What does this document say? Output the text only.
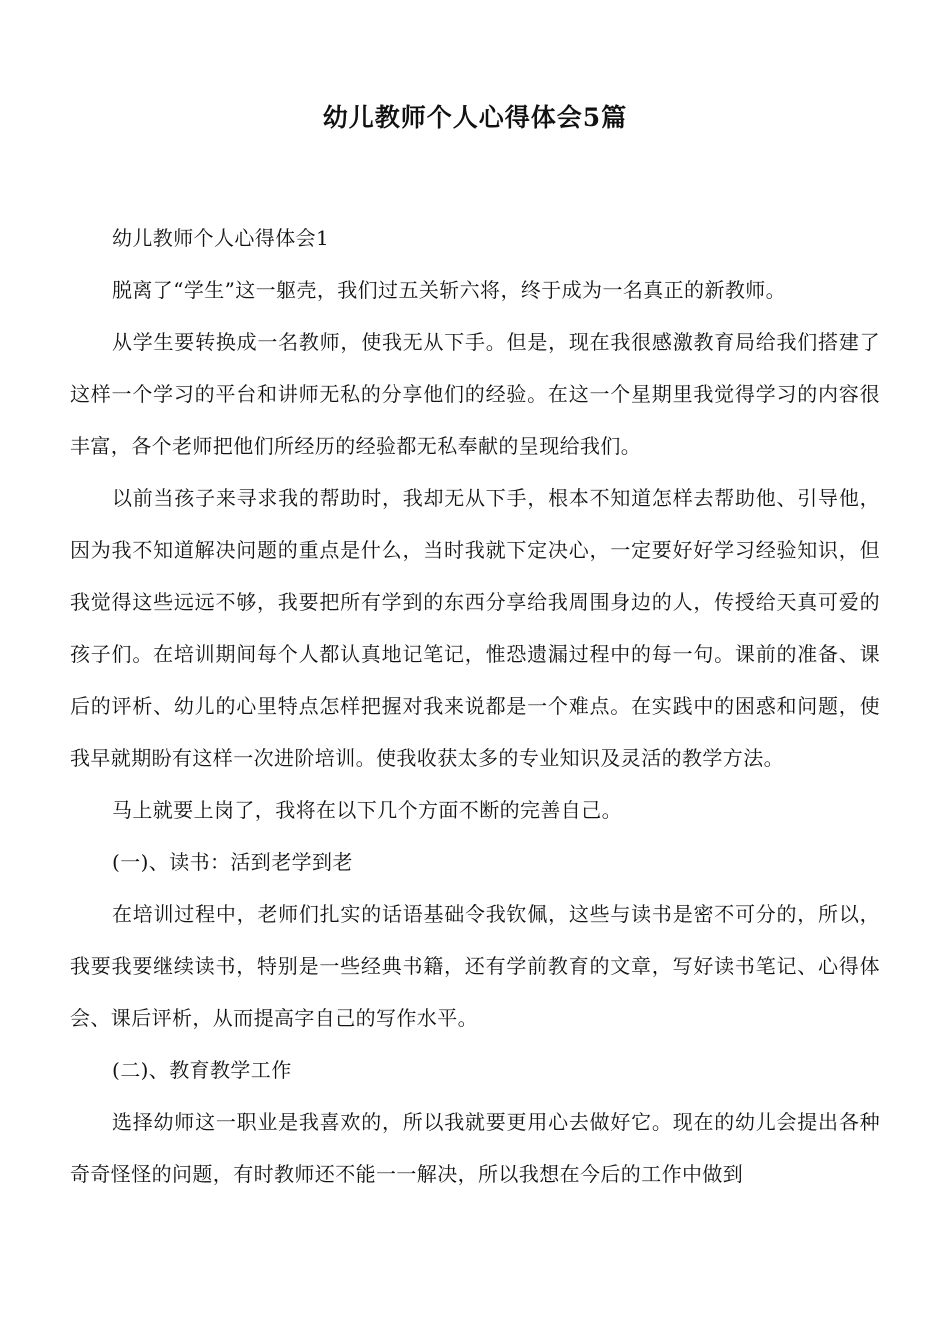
幼儿教师个人心得体会5篇

幼儿教师个人心得体会1

脱离了“学生”这一躯壳，我们过五关斩六将，终于成为一名真正的新教师。

从学生要转换成一名教师，使我无从下手。但是，现在我很感激教育局给我们搭建了这样一个学习的平台和讲师无私的分享他们的经验。在这一个星期里我觉得学习的内容很丰富，各个老师把他们所经历的经验都无私奉献的呈现给我们。

以前当孩子来寻求我的帮助时，我却无从下手，根本不知道怎样去帮助他、引导他，因为我不知道解决问题的重点是什么，当时我就下定决心，一定要好好学习经验知识，但我觉得这些远远不够，我要把所有学到的东西分享给我周围身边的人，传授给天真可爱的孩子们。在培训期间每个人都认真地记笔记，惟恐遗漏过程中的每一句。课前的准备、课后的评析、幼儿的心里特点怎样把握对我来说都是一个难点。在实践中的困惑和问题，使我早就期盼有这样一次进阶培训。使我收获太多的专业知识及灵活的教学方法。

马上就要上岗了，我将在以下几个方面不断的完善自己。

(一)、读书：活到老学到老

在培训过程中，老师们扎实的话语基础令我钦佩，这些与读书是密不可分的，所以，我要我要继续读书，特别是一些经典书籍，还有学前教育的文章，写好读书笔记、心得体会、课后评析，从而提高字自己的写作水平。

(二)、教育教学工作

选择幼师这一职业是我喜欢的，所以我就要更用心去做好它。现在的幼儿会提出各种奇奇怪怪的问题，有时教师还不能一一解决，所以我想在今后的工作中做到
